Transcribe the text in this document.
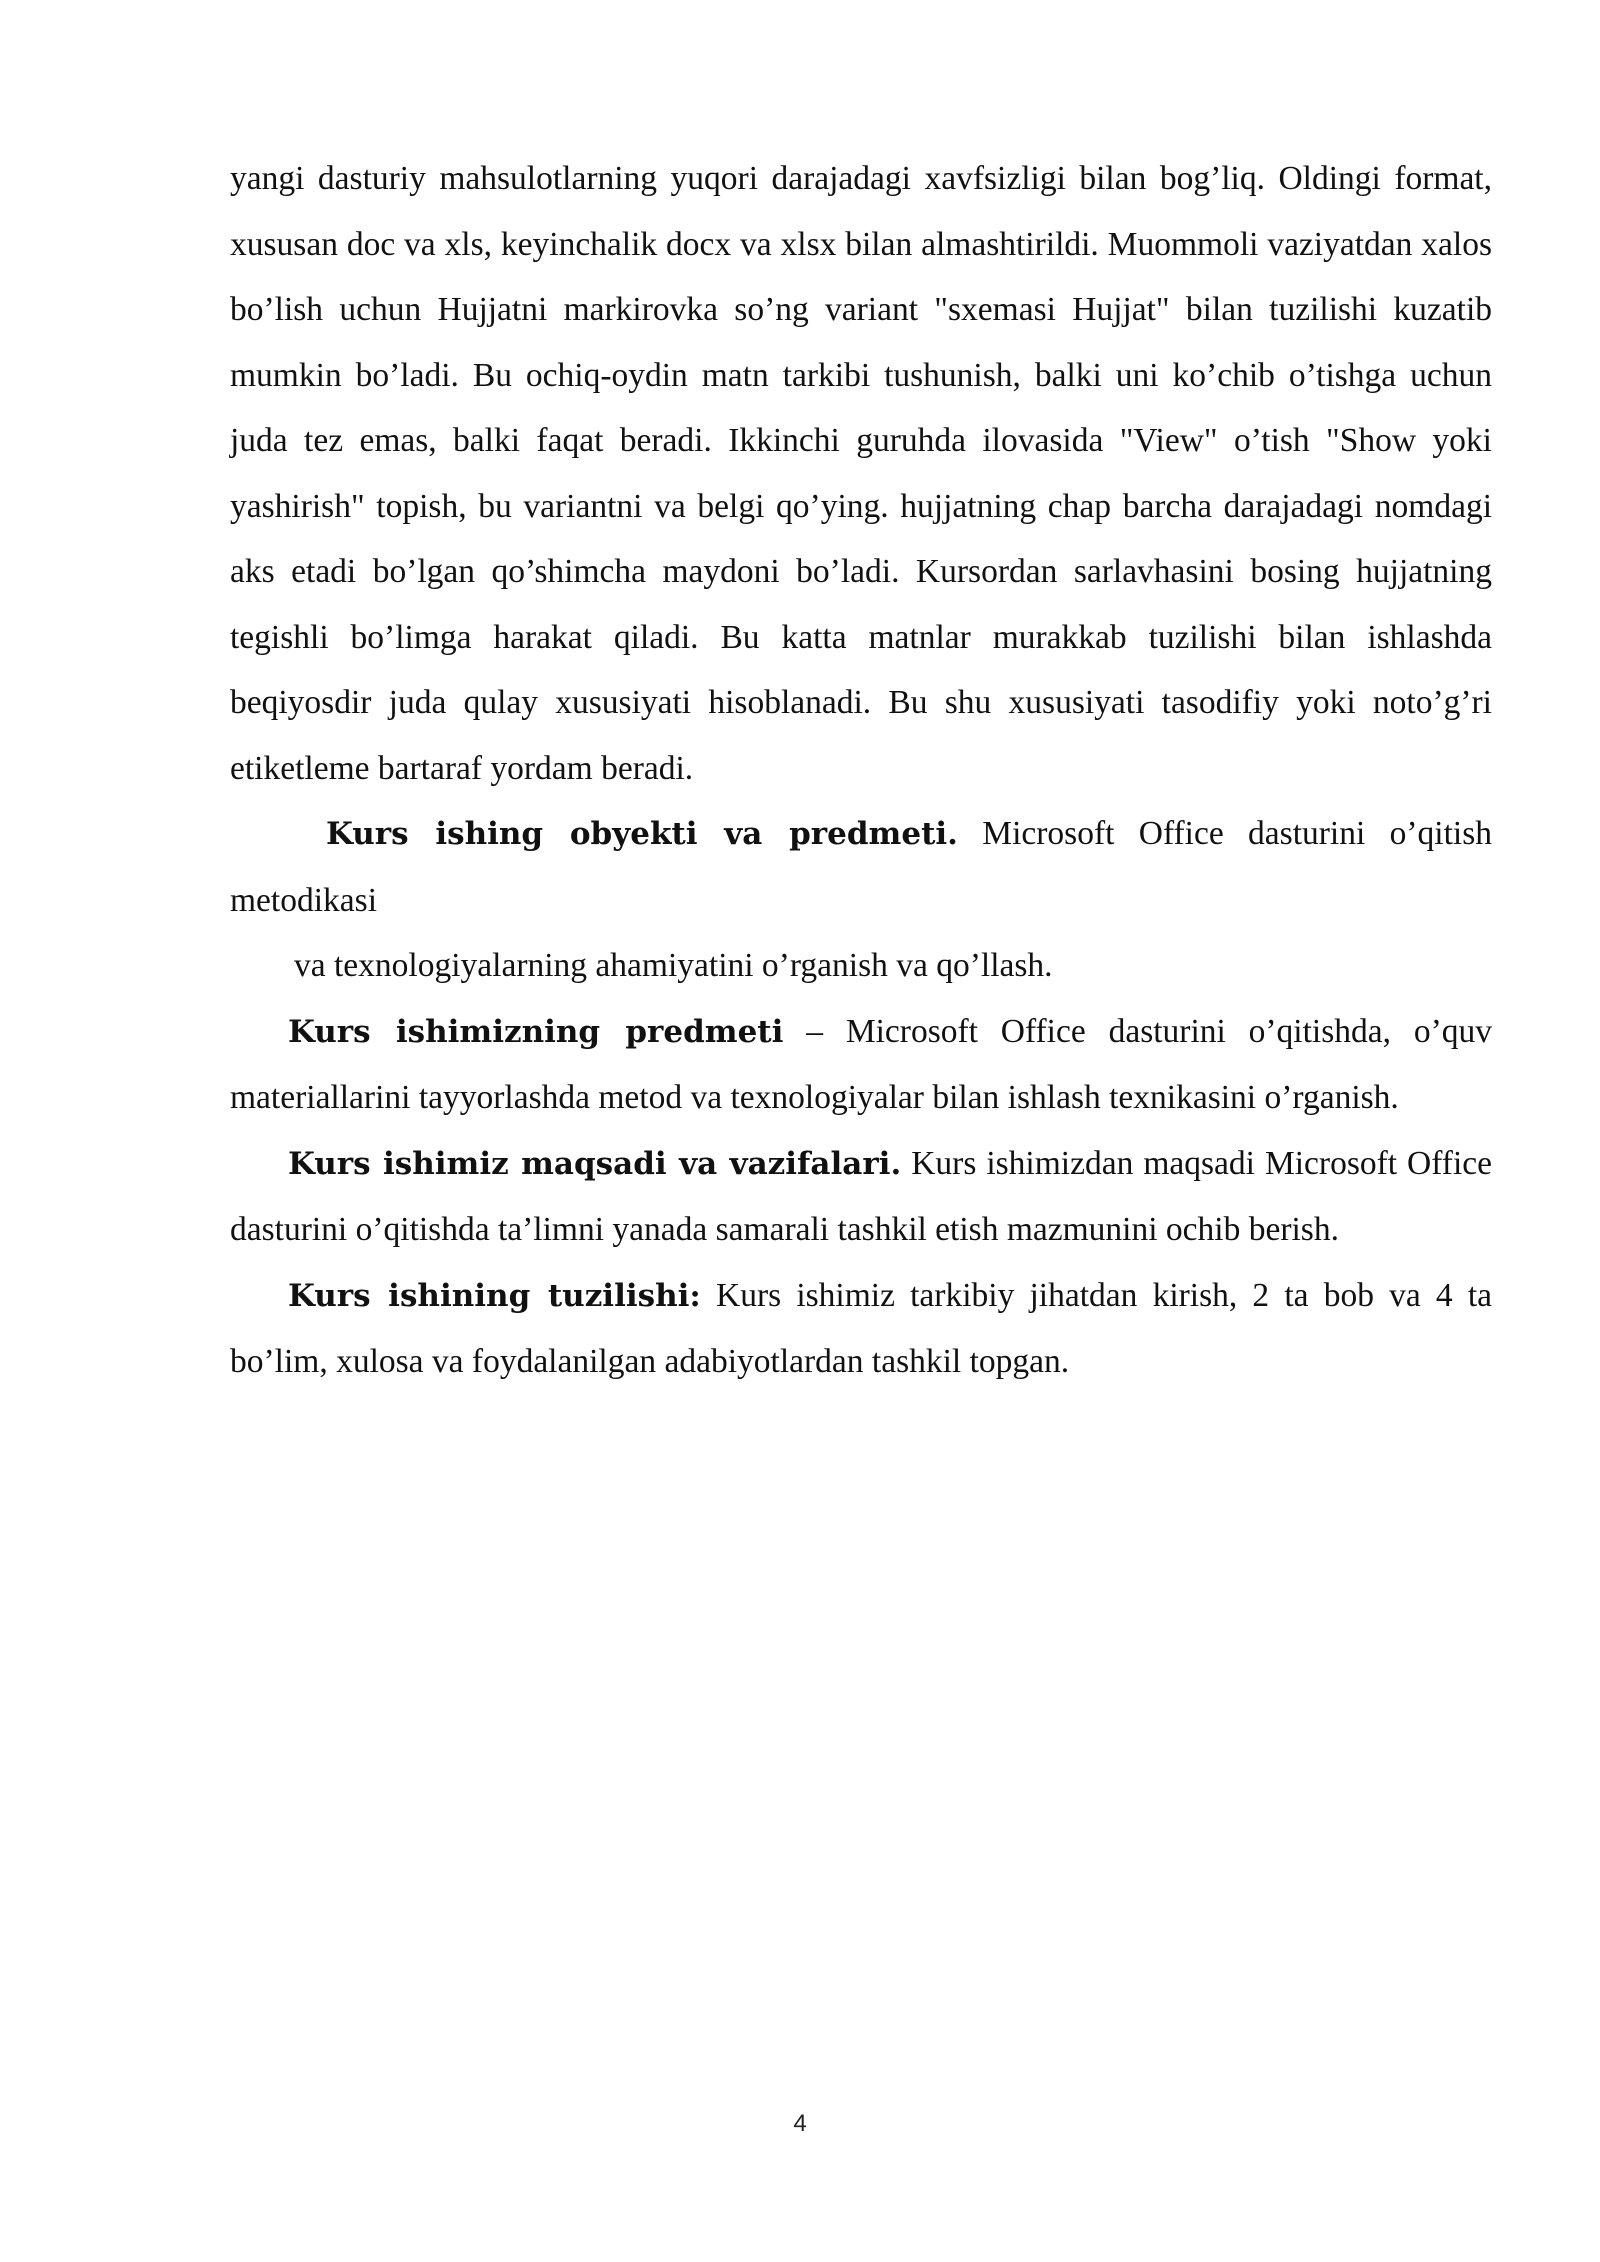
yangi dasturiy mahsulotlarning yuqori darajadagi xavfsizligi bilan bog’liq. Oldingi format, xususan doc va xls, keyinchalik docx va xlsx bilan almashtirildi. Muommoli vaziyatdan xalos bo’lish uchun Hujjatni markirovka so’ng variant "sxemasi Hujjat" bilan tuzilishi kuzatib mumkin bo’ladi. Bu ochiq-oydin matn tarkibi tushunish, balki uni ko’chib o’tishga uchun juda tez emas, balki faqat beradi. Ikkinchi guruhda ilovasida "View" o’tish "Show yoki yashirish" topish, bu variantni va belgi qo’ying. hujjatning chap barcha darajadagi nomdagi aks etadi bo’lgan qo’shimcha maydoni bo’ladi. Kursordan sarlavhasini bosing hujjatning tegishli bo’limga harakat qiladi. Bu katta matnlar murakkab tuzilishi bilan ishlashda beqiyosdir juda qulay xususiyati hisoblanadi. Bu shu xususiyati tasodifiy yoki noto’g’ri etiketleme bartaraf yordam beradi.

Kurs ishing obyekti va predmeti. Microsoft Office dasturini o’qitish metodikasi

va texnologiyalarning ahamiyatini o’rganish va qo’llash.

Kurs ishimizning predmeti – Microsoft Office dasturini o’qitishda, o’quv materiallarini tayyorlashda metod va texnologiyalar bilan ishlash texnikasini o’rganish.

Kurs ishimiz maqsadi va vazifalari. Kurs ishimizdan maqsadi Microsoft Office dasturini o’qitishda ta’limni yanada samarali tashkil etish mazmunini ochib berish.

Kurs ishining tuzilishi: Kurs ishimiz tarkibiy jihatdan kirish, 2 ta bob va 4 ta bo’lim, xulosa va foydalanilgan adabiyotlardan tashkil topgan.

4
